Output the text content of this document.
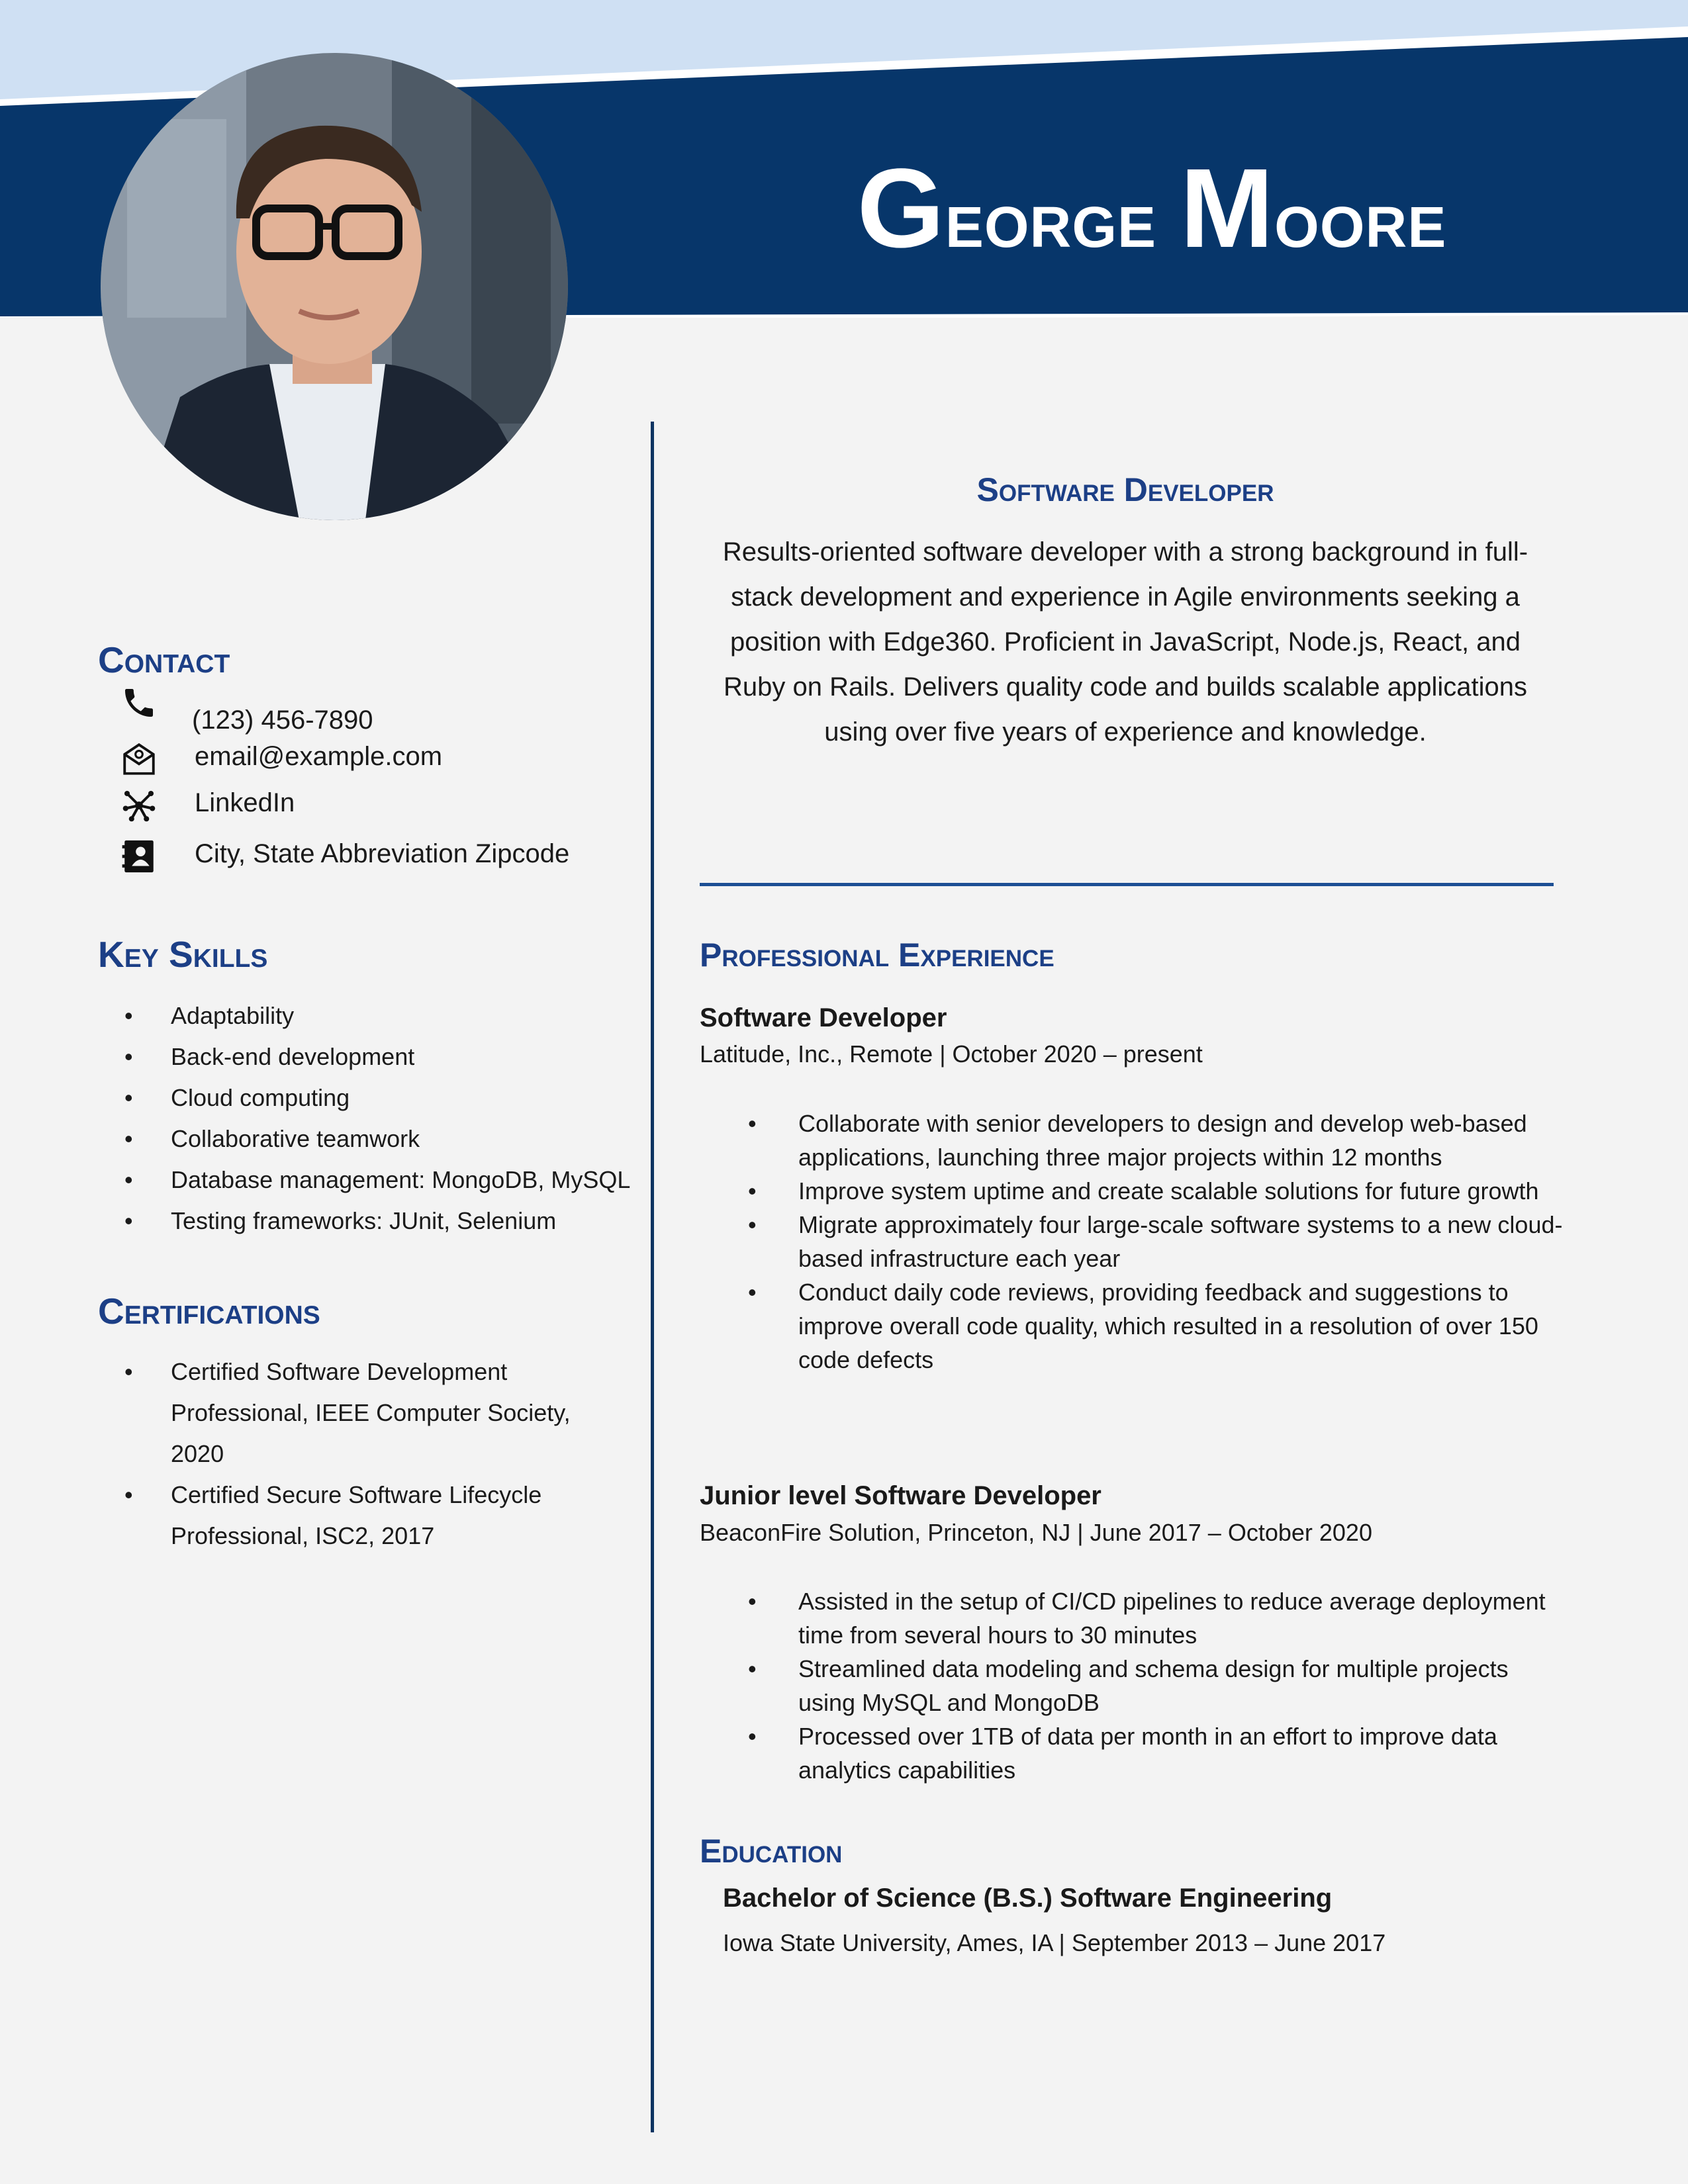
George Moore
Contact
(123) 456-7890
email@example.com
LinkedIn
City, State Abbreviation Zipcode
Key Skills
• Adaptability
• Back-end development
• Cloud computing
• Collaborative teamwork
• Database management: MongoDB, MySQL
• Testing frameworks: JUnit, Selenium
Certifications
• Certified Software Development Professional, IEEE Computer Society, 2020
• Certified Secure Software Lifecycle Professional, ISC2, 2017
Software Developer

Results-oriented software developer with a strong background in full-stack development and experience in Agile environments seeking a position with Edge360. Proficient in JavaScript, Node.js, React, and Ruby on Rails. Delivers quality code and builds scalable applications using over five years of experience and knowledge.

Professional Experience
Software Developer

Latitude, Inc., Remote | October 2020 – present

• Collaborate with senior developers to design and develop web-based applications, launching three major projects within 12 months
• Improve system uptime and create scalable solutions for future growth
• Migrate approximately four large-scale software systems to a new cloud-based infrastructure each year
• Conduct daily code reviews, providing feedback and suggestions to improve overall code quality, which resulted in a resolution of over 150 code defects
Junior level Software Developer

BeaconFire Solution, Princeton, NJ | June 2017 – October 2020

• Assisted in the setup of CI/CD pipelines to reduce average deployment time from several hours to 30 minutes
• Streamlined data modeling and schema design for multiple projects using MySQL and MongoDB
• Processed over 1TB of data per month in an effort to improve data analytics capabilities
Education
Bachelor of Science (B.S.) Software Engineering

Iowa State University, Ames, IA | September 2013 – June 2017
